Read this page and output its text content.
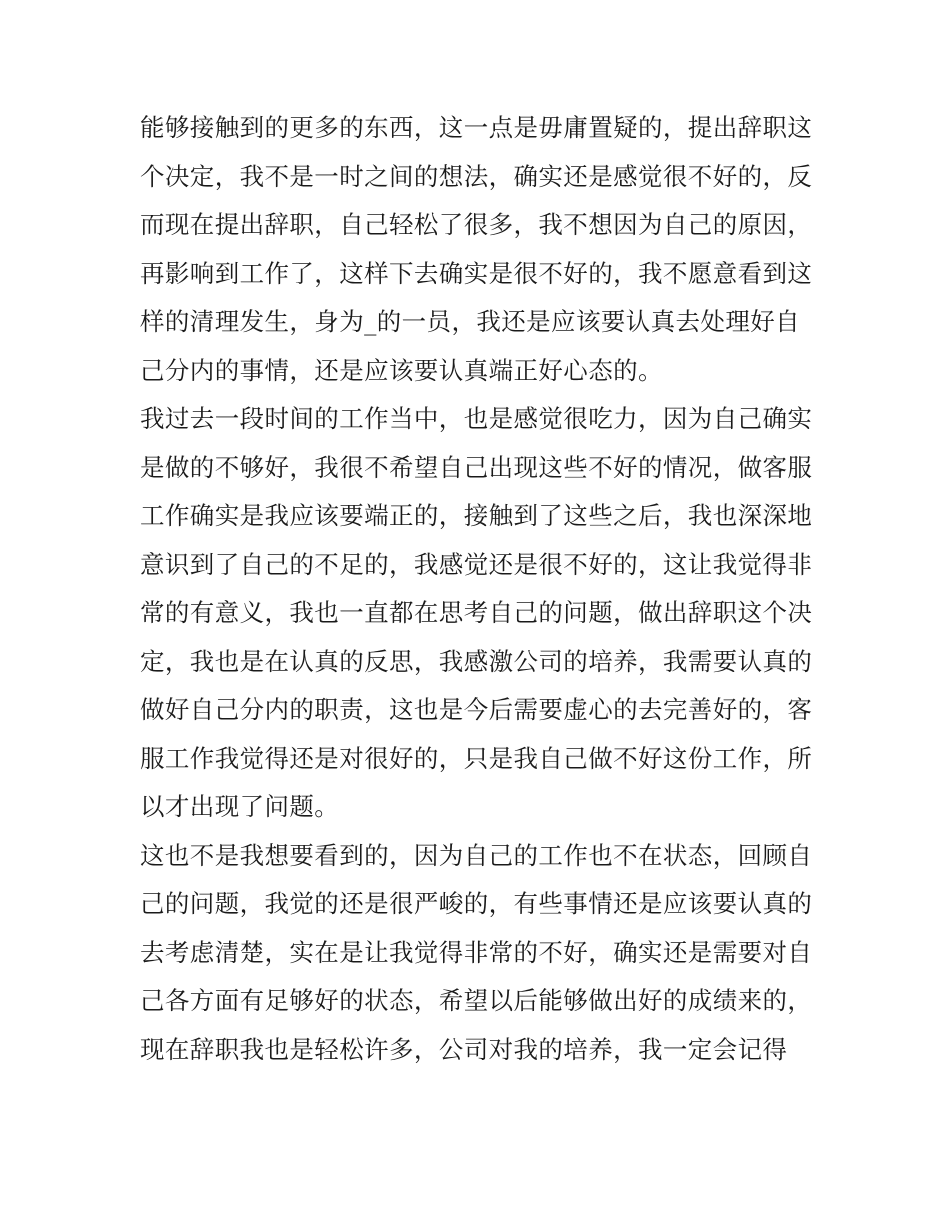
能够接触到的更多的东西，这一点是毋庸置疑的，提出辞职这
个决定，我不是一时之间的想法，确实还是感觉很不好的，反
而现在提出辞职，自己轻松了很多，我不想因为自己的原因，
再影响到工作了，这样下去确实是很不好的，我不愿意看到这
样的清理发生，身为_的一员，我还是应该要认真去处理好自
己分内的事情，还是应该要认真端正好心态的。
我过去一段时间的工作当中，也是感觉很吃力，因为自己确实
是做的不够好，我很不希望自己出现这些不好的情况，做客服
工作确实是我应该要端正的，接触到了这些之后，我也深深地
意识到了自己的不足的，我感觉还是很不好的，这让我觉得非
常的有意义，我也一直都在思考自己的问题，做出辞职这个决
定，我也是在认真的反思，我感激公司的培养，我需要认真的
做好自己分内的职责，这也是今后需要虚心的去完善好的，客
服工作我觉得还是对很好的，只是我自己做不好这份工作，所
以才出现了问题。
这也不是我想要看到的，因为自己的工作也不在状态，回顾自
己的问题，我觉的还是很严峻的，有些事情还是应该要认真的
去考虑清楚，实在是让我觉得非常的不好，确实还是需要对自
己各方面有足够好的状态，希望以后能够做出好的成绩来的，
现在辞职我也是轻松许多，公司对我的培养，我一定会记得
